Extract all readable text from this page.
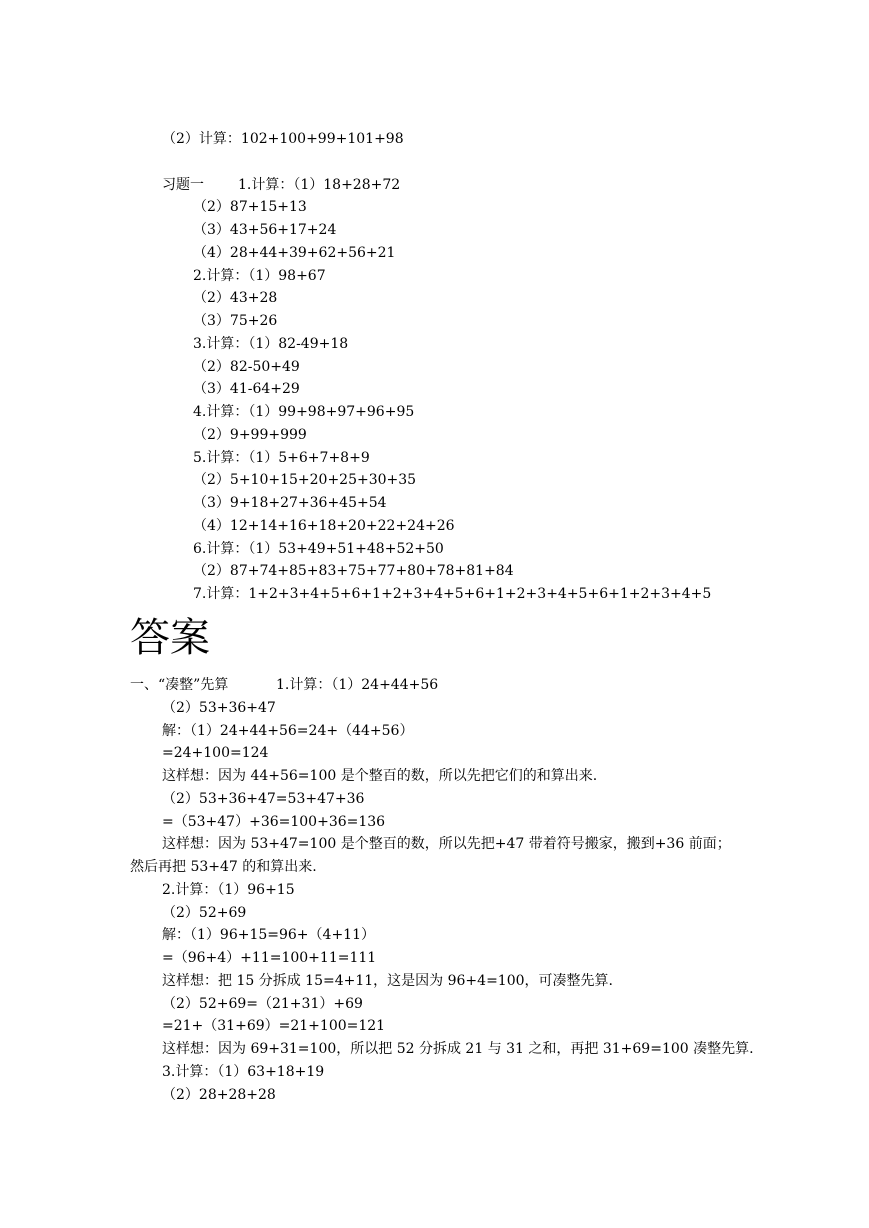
（2）计算：102+100+99+101+98
习题一 1.计算：（1）18+28+72
（2）87+15+13
（3）43+56+17+24
（4）28+44+39+62+56+21
2.计算：（1）98+67
（2）43+28
（3）75+26
3.计算：（1）82-49+18
（2）82-50+49
（3）41-64+29
4.计算：（1）99+98+97+96+95
（2）9+99+999
5.计算：（1）5+6+7+8+9
（2）5+10+15+20+25+30+35
（3）9+18+27+36+45+54
（4）12+14+16+18+20+22+24+26
6.计算：（1）53+49+51+48+52+50
（2）87+74+85+83+75+77+80+78+81+84
7.计算：1+2+3+4+5+6+1+2+3+4+5+6+1+2+3+4+5+6+1+2+3+4+5
答案
一、“凑整”先算	1.计算：（1）24+44+56
（2）53+36+47
解：（1）24+44+56=24+（44+56）
=24+100=124
这样想：因为 44+56=100 是个整百的数，所以先把它们的和算出来.
（2）53+36+47=53+47+36
=（53+47）+36=100+36=136
这样想：因为 53+47=100 是个整百的数，所以先把+47 带着符号搬家，搬到+36 前面；
然后再把 53+47 的和算出来.
2.计算：（1）96+15
（2）52+69
解：（1）96+15=96+（4+11）
=（96+4）+11=100+11=111
这样想：把 15 分拆成 15=4+11，这是因为 96+4=100，可凑整先算.
（2）52+69=（21+31）+69
=21+（31+69）=21+100=121
这样想：因为 69+31=100，所以把 52 分拆成 21 与 31 之和，再把 31+69=100 凑整先算.
3.计算：（1）63+18+19
（2）28+28+28
